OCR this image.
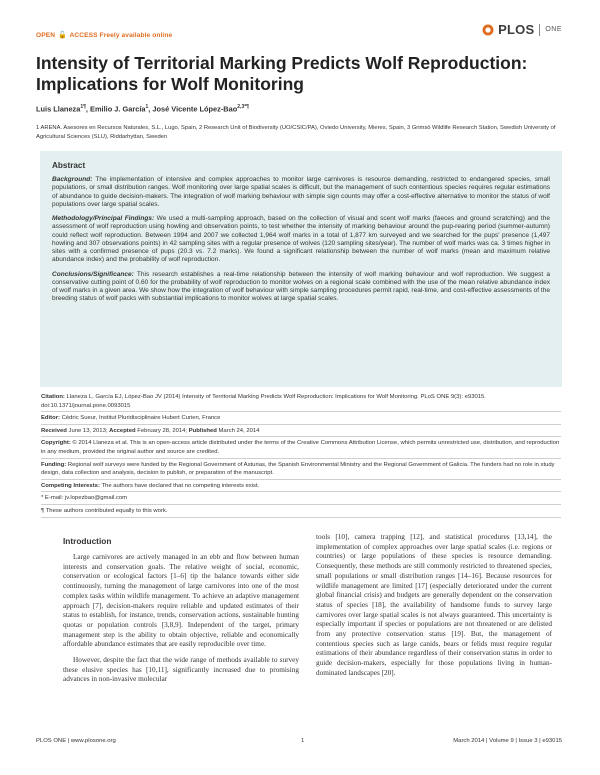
OPEN 🔓 ACCESS Freely available online	PLOS ONE
Intensity of Territorial Marking Predicts Wolf Reproduction: Implications for Wolf Monitoring
Luis Llaneza$^{1\P}$, Emilio J. García$^1$, José Vicente López-Bao$^{2,3*\P}$
1 ARENA. Asesores en Recursos Naturales, S.L., Lugo, Spain, 2 Research Unit of Biodiversity (UO/CSIC/PA), Oviedo University, Mieres, Spain, 3 Grimsö Wildlife Research Station, Swedish University of Agricultural Sciences (SLU), Riddarhyttan, Sweden
Abstract

Background: The implementation of intensive and complex approaches to monitor large carnivores is resource demanding, restricted to endangered species, small populations, or small distribution ranges. Wolf monitoring over large spatial scales is difficult, but the management of such contentious species requires regular estimations of abundance to guide decision-makers. The integration of wolf marking behaviour with simple sign counts may offer a cost-effective alternative to monitor the status of wolf populations over large spatial scales.

Methodology/Principal Findings: We used a multi-sampling approach, based on the collection of visual and scent wolf marks (faeces and ground scratching) and the assessment of wolf reproduction using howling and observation points, to test whether the intensity of marking behaviour around the pup-rearing period (summer-autumn) could reflect wolf reproduction. Between 1994 and 2007 we collected 1,964 wolf marks in a total of 1,877 km surveyed and we searched for the pups' presence (1,497 howling and 307 observations points) in 42 sampling sites with a regular presence of wolves (120 sampling sites/year). The number of wolf marks was ca. 3 times higher in sites with a confirmed presence of pups (20.3 vs. 7.2 marks). We found a significant relationship between the number of wolf marks (mean and maximum relative abundance index) and the probability of wolf reproduction.

Conclusions/Significance: This research establishes a real-time relationship between the intensity of wolf marking behaviour and wolf reproduction. We suggest a conservative cutting point of 0.60 for the probability of wolf reproduction to monitor wolves on a regional scale combined with the use of the mean relative abundance index of wolf marks in a given area. We show how the integration of wolf behaviour with simple sampling procedures permit rapid, real-time, and cost-effective assessments of the breeding status of wolf packs with substantial implications to monitor wolves at large spatial scales.

Citation: Llaneza L, García EJ, López-Bao JV (2014) Intensity of Territorial Marking Predicts Wolf Reproduction: Implications for Wolf Monitoring. PLoS ONE 9(3): e93015. doi:10.1371/journal.pone.0093015
Editor: Cédric Sueur, Institut Pluridisciplinaire Hubert Curien, France
Received June 13, 2013; Accepted February 28, 2014; Published March 24, 2014
Copyright: © 2014 Llaneza et al. This is an open-access article distributed under the terms of the Creative Commons Attribution License, which permits unrestricted use, distribution, and reproduction in any medium, provided the original author and source are credited.
Funding: Regional wolf surveys were funded by the Regional Government of Asturias, the Spanish Environmental Ministry and the Regional Government of Galicia. The funders had no role in study design, data collection and analysis, decision to publish, or preparation of the manuscript.
Competing Interests: The authors have declared that no competing interests exist.
* E-mail: jv.lopezbao@gmail.com
¶ These authors contributed equally to this work.
Introduction

Large carnivores are actively managed in an ebb and flow between human interests and conservation goals. The relative weight of social, economic, conservation or ecological factors [1–6] tip the balance towards either side continuously, turning the management of large carnivores into one of the most complex tasks within wildlife management. To achieve an adaptive management approach [7], decision-makers require reliable and updated estimates of their status to establish, for instance, trends, conservation actions, sustainable hunting quotas or population controls [3,8,9]. Independent of the target, primary management step is the ability to obtain objective, reliable and economically affordable abundance estimates that are easily reproducible over time.

However, despite the fact that the wide range of methods available to survey these elusive species has [10,11], significantly increased due to promising advances in non-invasive molecular

tools [10], camera trapping [12], and statistical procedures [13,14], the implementation of complex approaches over large spatial scales (i.e. regions or countries) or large populations of these species is resource demanding. Consequently, these methods are still commonly restricted to threatened species, small populations or small distribution ranges [14–16]. Because resources for wildlife management are limited [17] (especially deteriorated under the current global financial crisis) and budgets are generally dependent on the conservation status of species [18], the availability of handsome funds to survey large carnivores over large spatial scales is not always guaranteed. This uncertainty is especially important if species or populations are not threatened or are delisted from any protective conservation status [19]. But, the management of contentious species such as large canids, bears or felids must require regular estimations of their abundance regardless of their conservation status in order to guide decision-makers, especially for those populations living in human-dominated landscapes [20].

PLOS ONE | www.plosone.org	1	March 2014 | Volume 9 | Issue 3 | e93015
